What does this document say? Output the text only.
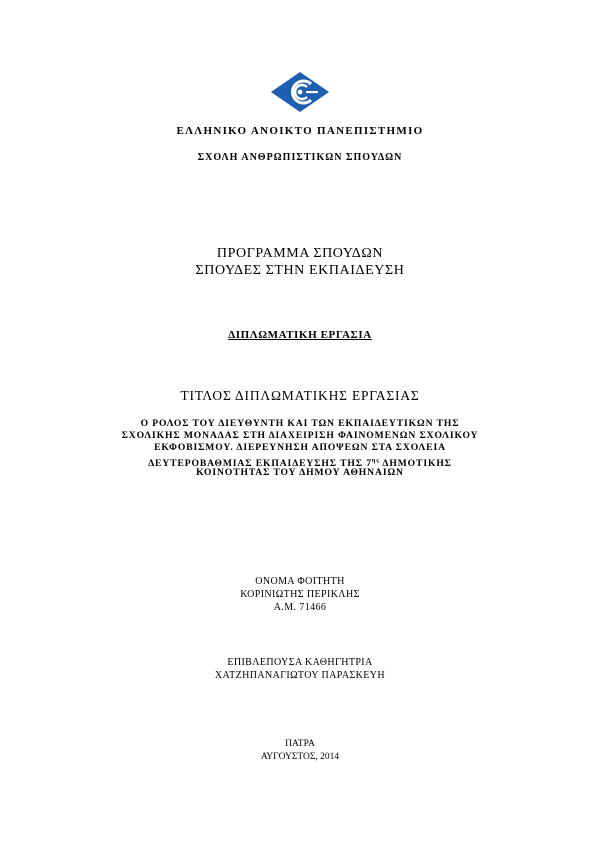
ΕΛΛΗΝΙΚΟ ΑΝΟΙΚΤΟ ΠΑΝΕΠΙΣΤΗΜΙΟ
ΣΧΟΛΗ ΑΝΘΡΩΠΙΣΤΙΚΩΝ ΣΠΟΥΔΩΝ
ΠΡΟΓΡΑΜΜΑ ΣΠΟΥΔΩΝ
ΣΠΟΥΔΕΣ ΣΤΗΝ ΕΚΠΑΙΔΕΥΣΗ
ΔΙΠΛΩΜΑΤΙΚΗ ΕΡΓΑΣΙΑ
ΤΙΤΛΟΣ ΔΙΠΛΩΜΑΤΙΚΗΣ ΕΡΓΑΣΙΑΣ
Ο ΡΟΛΟΣ ΤΟΥ ΔΙΕΥΘΥΝΤΗ ΚΑΙ ΤΩΝ ΕΚΠΑΙΔΕΥΤΙΚΩΝ ΤΗΣ
ΣΧΟΛΙΚΗΣ ΜΟΝΑΔΑΣ ΣΤΗ ΔΙΑΧΕΙΡΙΣΗ ΦΑΙΝΟΜΕΝΩΝ ΣΧΟΛΙΚΟΥ
ΕΚΦΟΒΙΣΜΟΥ. ΔΙΕΡΕΥΝΗΣΗ ΑΠΟΨΕΩΝ ΣΤΑ ΣΧΟΛΕΙΑ
ΔΕΥΤΕΡΟΒΑΘΜΙΑΣ ΕΚΠΑΙΔΕΥΣΗΣ ΤΗΣ $7^{\eta\varsigma}$ ΔΗΜΟΤΙΚΗΣ
ΚΟΙΝΟΤΗΤΑΣ ΤΟΥ ΔΗΜΟΥ ΑΘΗΝΑΙΩΝ
ΟΝΟΜΑ ΦΟΙΤΗΤΗ
ΚΟΡΙΝΙΩΤΗΣ ΠΕΡΙΚΛΗΣ
Α.Μ. 71466
ΕΠΙΒΛΕΠΟΥΣΑ ΚΑΘΗΓΗΤΡΙΑ
ΧΑΤΖΗΠΑΝΑΓΙΩΤΟΥ ΠΑΡΑΣΚΕΥΗ
ΠΑΤΡΑ
ΑΥΓΟΥΣΤΟΣ, 2014
